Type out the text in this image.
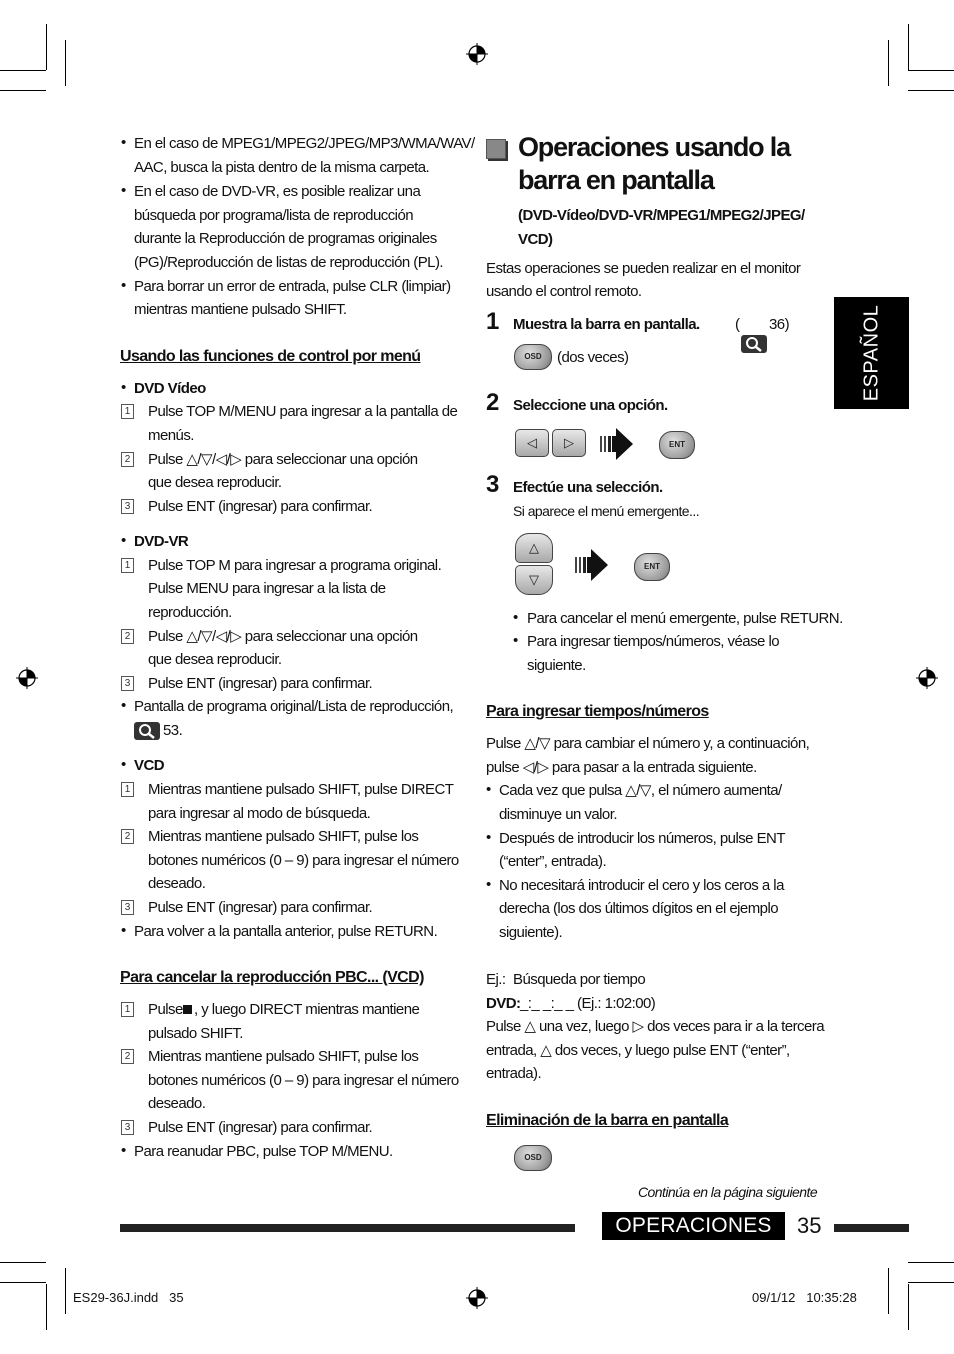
• En el caso de MPEG1/MPEG2/JPEG/MP3/WMA/WAV/
AAC, busca la pista dentro de la misma carpeta.
• En el caso de DVD-VR, es posible realizar una
búsqueda por programa/lista de reproducción
durante la Reproducción de programas originales
(PG)/Reproducción de listas de reproducción (PL).
• Para borrar un error de entrada, pulse CLR (limpiar)
mientras mantiene pulsado SHIFT.
Usando las funciones de control por menú
• DVD Vídeo
1 Pulse TOP M/MENU para ingresar a la pantalla de
menús.
2 Pulse △/▽/◁/▷ para seleccionar una opción
que desea reproducir.
3 Pulse ENT (ingresar) para confirmar.
• DVD-VR
1 Pulse TOP M para ingresar a programa original.
Pulse MENU para ingresar a la lista de
reproducción.
2 Pulse △/▽/◁/▷ para seleccionar una opción
que desea reproducir.
3 Pulse ENT (ingresar) para confirmar.
• Pantalla de programa original/Lista de reproducción,
53.
• VCD
1 Mientras mantiene pulsado SHIFT, pulse DIRECT
para ingresar al modo de búsqueda.
2 Mientras mantiene pulsado SHIFT, pulse los
botones numéricos (0 – 9) para ingresar el número
deseado.
3 Pulse ENT (ingresar) para confirmar.
• Para volver a la pantalla anterior, pulse RETURN.
Para cancelar la reproducción PBC... (VCD)
1 Pulse , y luego DIRECT mientras mantiene
pulsado SHIFT.
2 Mientras mantiene pulsado SHIFT, pulse los
botones numéricos (0 – 9) para ingresar el número
deseado.
3 Pulse ENT (ingresar) para confirmar.
• Para reanudar PBC, pulse TOP M/MENU.
Operaciones usando la
barra en pantalla
(DVD-Vídeo/DVD-VR/MPEG1/MPEG2/JPEG/
VCD)
Estas operaciones se pueden realizar en el monitor
usando el control remoto.
1 Muestra la barra en pantalla. ( 36)
OSD	(dos veces)
2 Seleccione una opción.
◁	▷	ENT
3 Efectúe una selección.
Si aparece el menú emergente...
△
▽
ENT
• Para cancelar el menú emergente, pulse RETURN.
• Para ingresar tiempos/números, véase lo
siguiente.
Para ingresar tiempos/números
Pulse △/▽ para cambiar el número y, a continuación,
pulse ◁/▷ para pasar a la entrada siguiente.
• Cada vez que pulsa △/▽, el número aumenta/
disminuye un valor.
• Después de introducir los números, pulse ENT
(“enter”, entrada).
• No necesitará introducir el cero y los ceros a la
derecha (los dos últimos dígitos en el ejemplo
siguiente).
Ej.: Búsqueda por tiempo
DVD: _:_ _:_ _ (Ej.: 1:02:00)
Pulse △ una vez, luego ▷ dos veces para ir a la tercera
entrada, △ dos veces, y luego pulse ENT (“enter”,
entrada).
Eliminación de la barra en pantalla
OSD
Continúa en la página siguiente
ESPAÑOL
OPERACIONES	35
ES29-36J.indd   35	09/1/12   10:35:28
